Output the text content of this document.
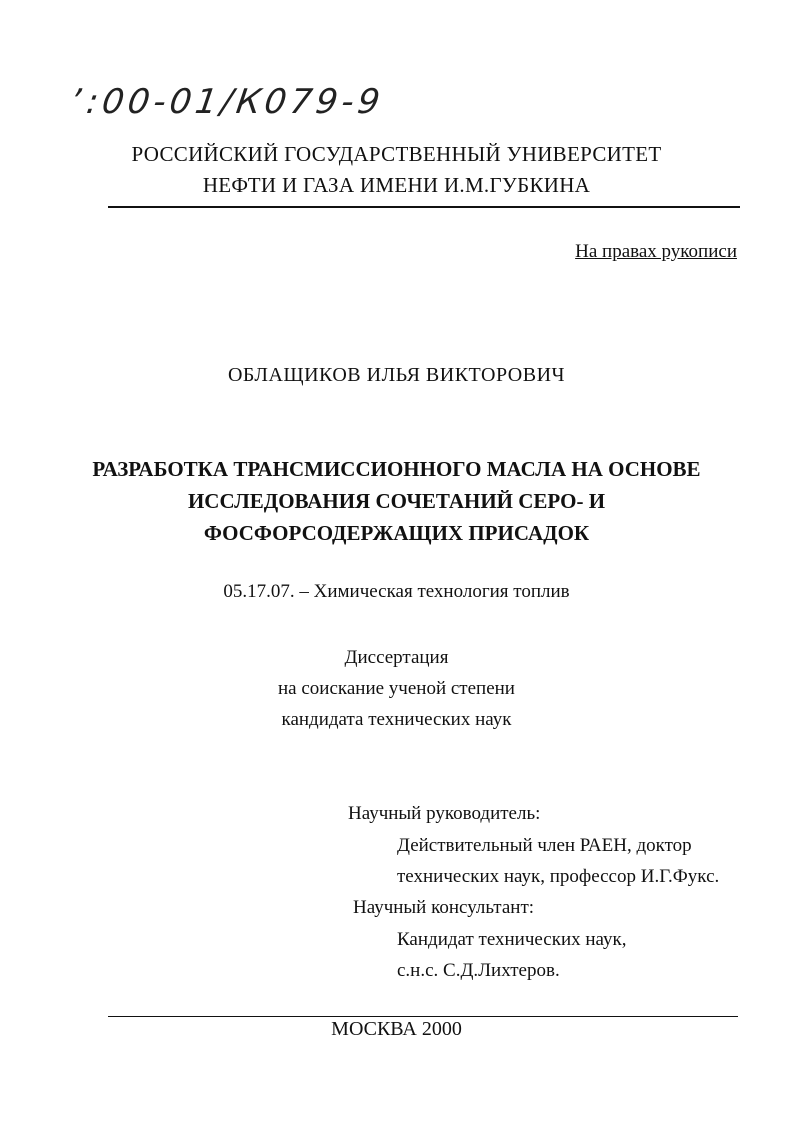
ʼ:00-01/К079-9
РОССИЙСКИЙ ГОСУДАРСТВЕННЫЙ УНИВЕРСИТЕТ
НЕФТИ И ГАЗА ИМЕНИ И.М.ГУБКИНА
На правах рукописи
ОБЛАЩИКОВ ИЛЬЯ ВИКТОРОВИЧ
РАЗРАБОТКА ТРАНСМИССИОННОГО МАСЛА НА ОСНОВЕ
ИССЛЕДОВАНИЯ СОЧЕТАНИЙ СЕРО- И
ФОСФОРСОДЕРЖАЩИХ ПРИСАДОК
05.17.07. – Химическая технология топлив
Диссертация
на соискание ученой степени
кандидата технических наук
Научный руководитель:
Действительный член РАЕН, доктор
технических наук, профессор И.Г.Фукс.
Научный консультант:
Кандидат технических наук,
с.н.с. С.Д.Лихтеров.
МОСКВА 2000
